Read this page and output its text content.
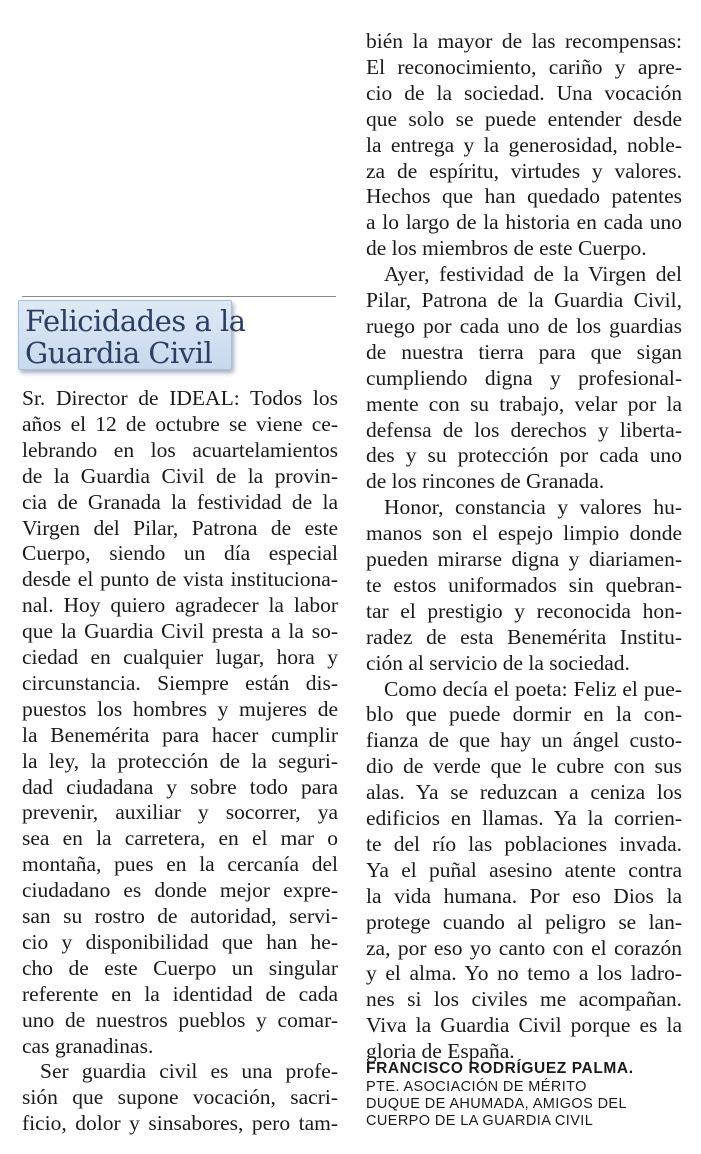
Felicidades a la
Guardia Civil
Sr. Director de IDEAL: Todos los
años el 12 de octubre se viene ce-
lebrando en los acuartelamientos
de la Guardia Civil de la provin-
cia de Granada la festividad de la
Virgen del Pilar, Patrona de este
Cuerpo, siendo un día especial
desde el punto de vista instituciona-
nal. Hoy quiero agradecer la labor
que la Guardia Civil presta a la so-
ciedad en cualquier lugar, hora y
circunstancia. Siempre están dis-
puestos los hombres y mujeres de
la Benemérita para hacer cumplir
la ley, la protección de la seguri-
dad ciudadana y sobre todo para
prevenir, auxiliar y socorrer, ya
sea en la carretera, en el mar o
montaña, pues en la cercanía del
ciudadano es donde mejor expre-
san su rostro de autoridad, servi-
cio y disponibilidad que han he-
cho de este Cuerpo un singular
referente en la identidad de cada
uno de nuestros pueblos y comar-
cas granadinas.
Ser guardia civil es una profe-
sión que supone vocación, sacri-
ficio, dolor y sinsabores, pero tam-
bién la mayor de las recompensas:
El reconocimiento, cariño y apre-
cio de la sociedad. Una vocación
que solo se puede entender desde
la entrega y la generosidad, noble-
za de espíritu, virtudes y valores.
Hechos que han quedado patentes
a lo largo de la historia en cada uno
de los miembros de este Cuerpo.
Ayer, festividad de la Virgen del
Pilar, Patrona de la Guardia Civil,
ruego por cada uno de los guardias
de nuestra tierra para que sigan
cumpliendo digna y profesional-
mente con su trabajo, velar por la
defensa de los derechos y liberta-
des y su protección por cada uno
de los rincones de Granada.
Honor, constancia y valores hu-
manos son el espejo limpio donde
pueden mirarse digna y diariamen-
te estos uniformados sin quebran-
tar el prestigio y reconocida hon-
radez de esta Benemérita Institu-
ción al servicio de la sociedad.
Como decía el poeta: Feliz el pue-
blo que puede dormir en la con-
fianza de que hay un ángel custo-
dio de verde que le cubre con sus
alas. Ya se reduzcan a ceniza los
edificios en llamas. Ya la corrien-
te del río las poblaciones invada.
Ya el puñal asesino atente contra
la vida humana. Por eso Dios la
protege cuando al peligro se lan-
za, por eso yo canto con el corazón
y el alma. Yo no temo a los ladro-
nes si los civiles me acompañan.
Viva la Guardia Civil porque es la
gloria de España.
FRANCISCO RODRÍGUEZ PALMA.
PTE. ASOCIACIÓN DE MÉRITO
DUQUE DE AHUMADA, AMIGOS DEL
CUERPO DE LA GUARDIA CIVIL
